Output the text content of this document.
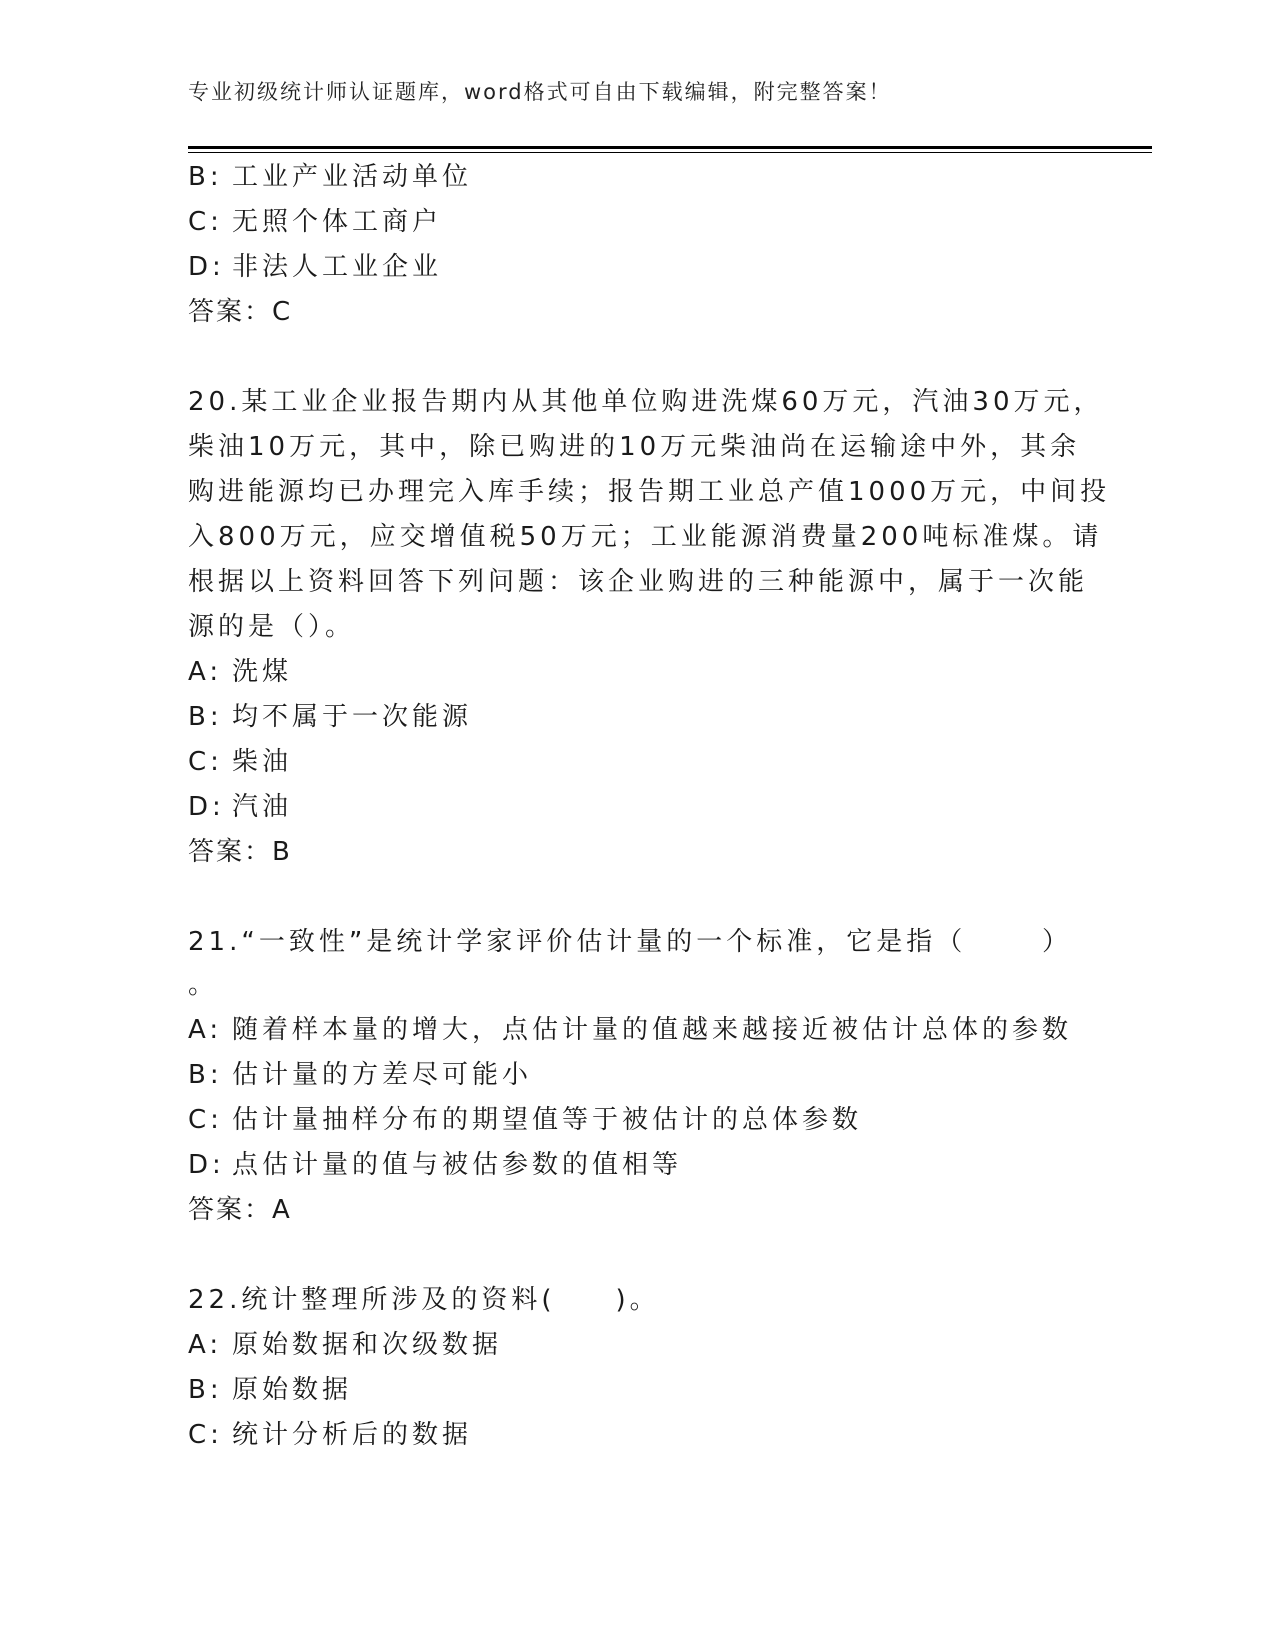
专业初级统计师认证题库，word格式可自由下载编辑，附完整答案！
B: 工业产业活动单位
C: 无照个体工商户
D: 非法人工业企业
答案：C
20.某工业企业报告期内从其他单位购进洗煤60万元，汽油30万元，
柴油10万元，其中，除已购进的10万元柴油尚在运输途中外，其余
购进能源均已办理完入库手续；报告期工业总产值1000万元，中间投
入800万元，应交增值税50万元；工业能源消费量200吨标准煤。请
根据以上资料回答下列问题：该企业购进的三种能源中，属于一次能
源的是（）。
A: 洗煤
B: 均不属于一次能源
C: 柴油
D: 汽油
答案：B
21.“一致性”是统计学家评价估计量的一个标准，它是指（	）
。
A: 随着样本量的增大，点估计量的值越来越接近被估计总体的参数
B: 估计量的方差尽可能小
C: 估计量抽样分布的期望值等于被估计的总体参数
D: 点估计量的值与被估参数的值相等
答案：A
22.统计整理所涉及的资料(　　)。
A: 原始数据和次级数据
B: 原始数据
C: 统计分析后的数据
